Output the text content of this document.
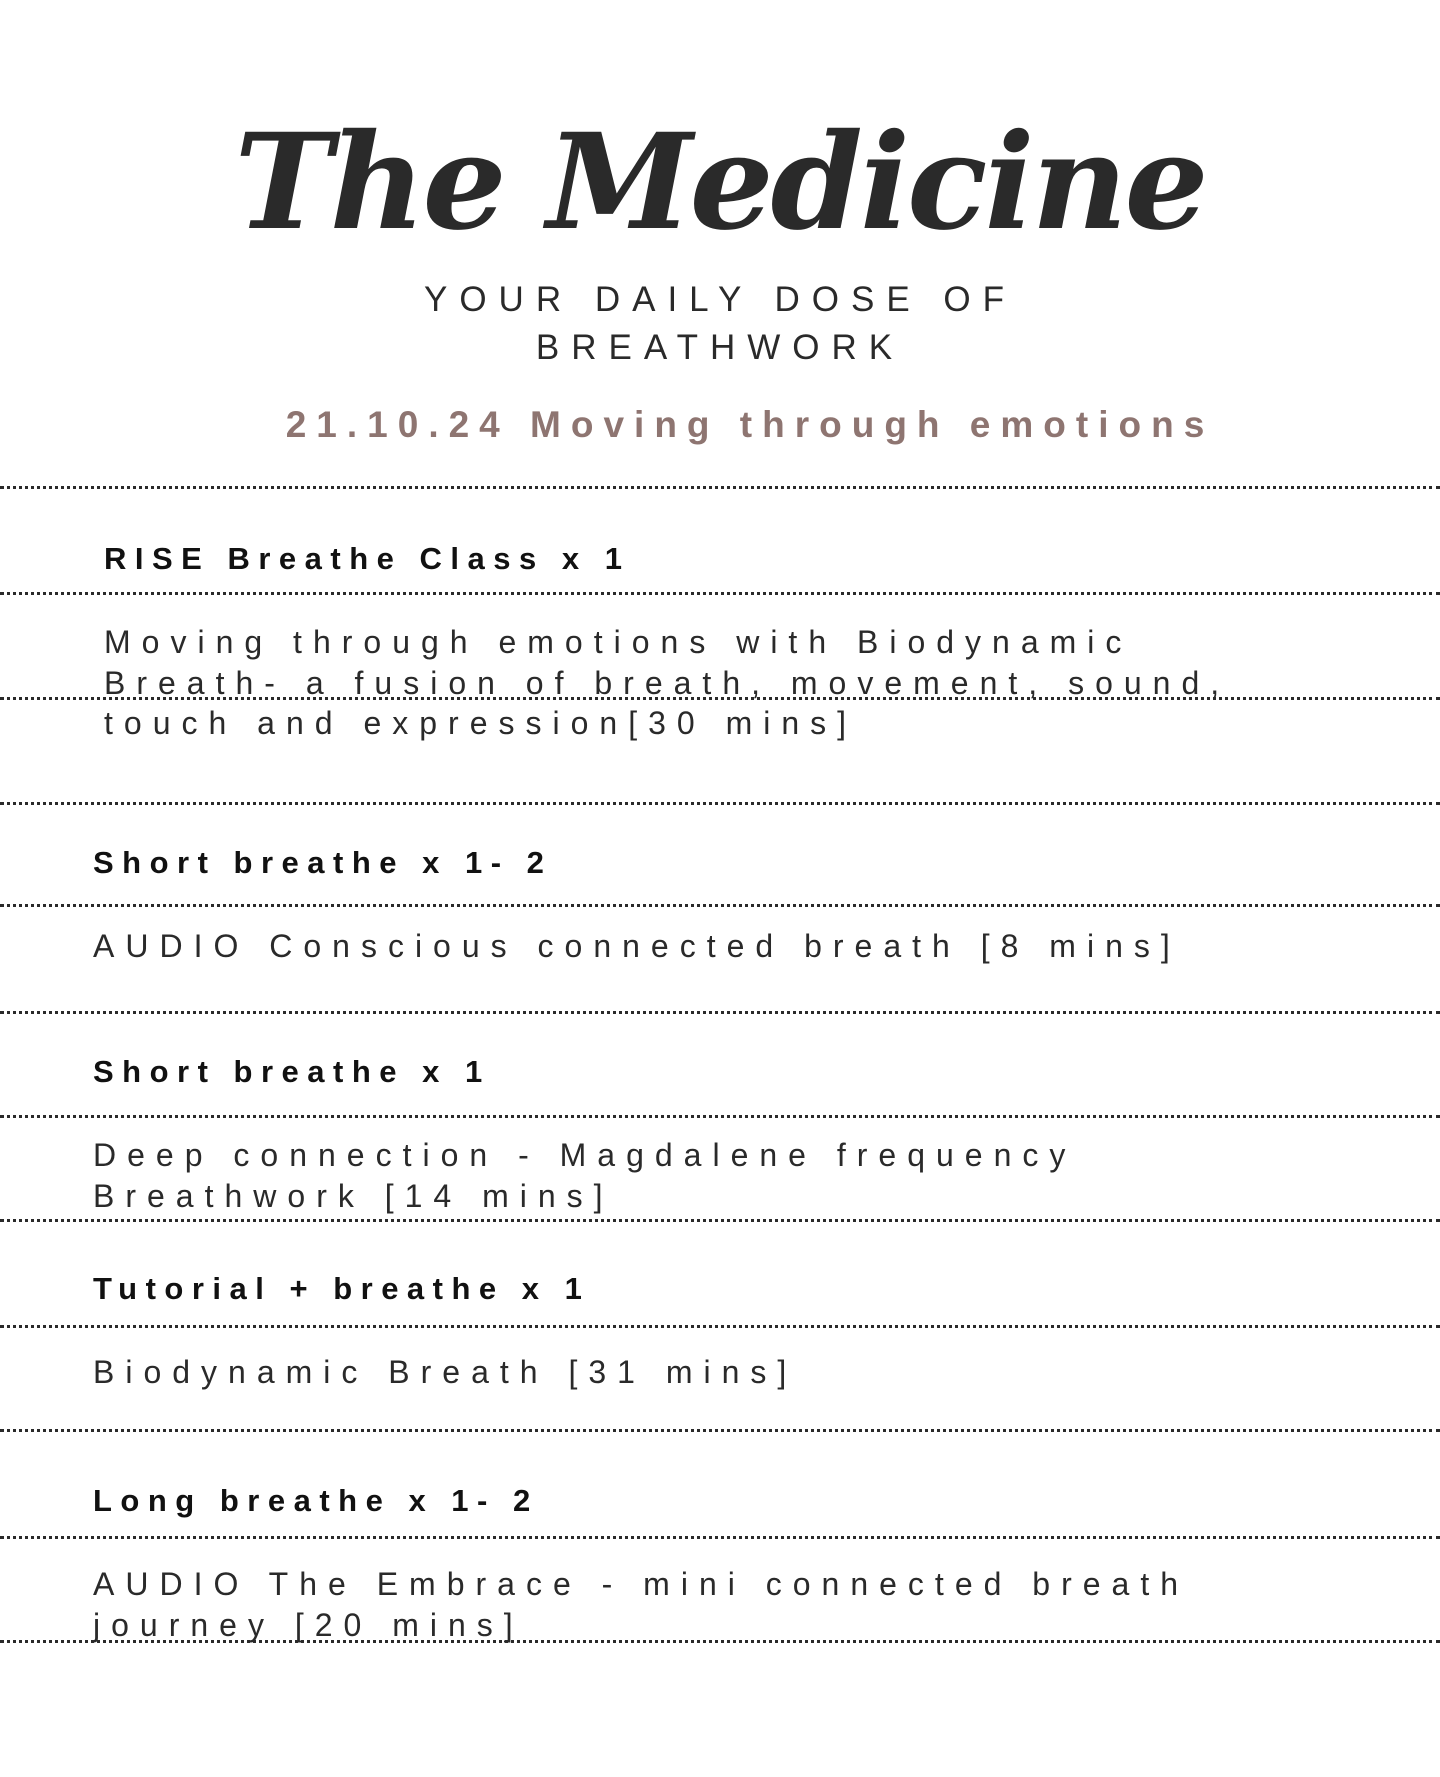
The Medicine
YOUR DAILY DOSE OF
BREATHWORK
21.10.24 Moving through emotions
RISE Breathe Class x 1
Moving through emotions with Biodynamic
Breath- a fusion of breath, movement, sound,
touch and expression[30 mins]
Short breathe x 1- 2
AUDIO Conscious connected breath [8 mins]
Short breathe x 1
Deep connection - Magdalene frequency
Breathwork [14 mins]
Tutorial + breathe x 1
Biodynamic Breath [31 mins]
Long breathe x 1- 2
AUDIO The Embrace - mini connected breath
journey [20 mins]
